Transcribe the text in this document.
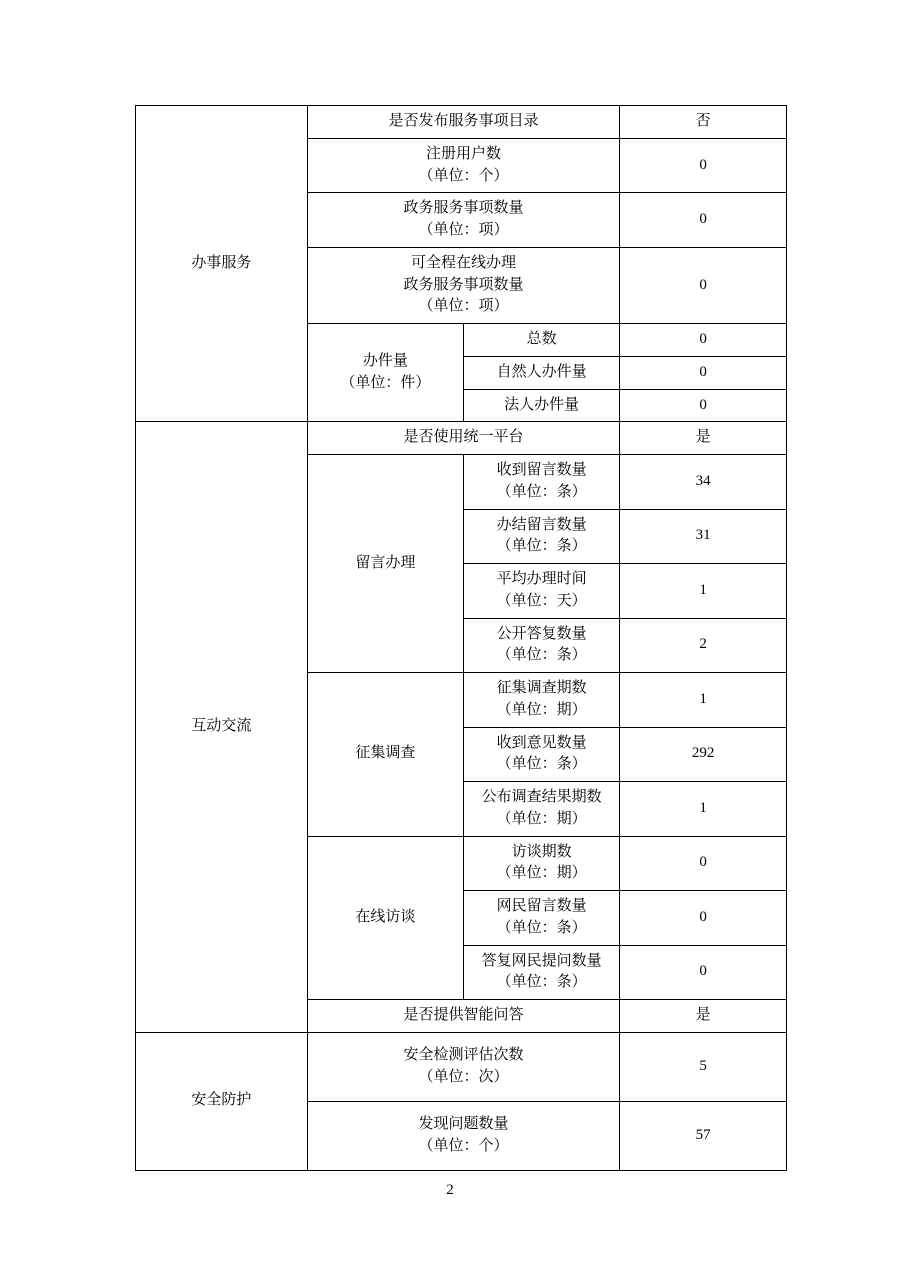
办事服务	是否发布服务事项目录		否

	注册用户数
（单位：个）		0

	政务服务事项数量
（单位：项）		0

	可全程在线办理
政务服务事项数量
（单位：项）		0

	办件量
（单位：件）	总数	0
		自然人办件量	0
		法人办件量	0
互动交流	是否使用统一平台		是
	留言办理	收到留言数量
（单位：条）	34

		办结留言数量
（单位：条）	31

		平均办理时间
（单位：天）	1

		公开答复数量
（单位：条）	2
	征集调查	征集调查期数
（单位：期）	1

		收到意见数量
（单位：条）	292

		公布调查结果期数
（单位：期）	1
	在线访谈	访谈期数
（单位：期）	0

		网民留言数量
（单位：条）	0

		答复网民提问数量
（单位：条）	0
	是否提供智能问答		是
安全防护	安全检测评估次数
（单位：次）		5

	发现问题数量
（单位：个）		57
2
